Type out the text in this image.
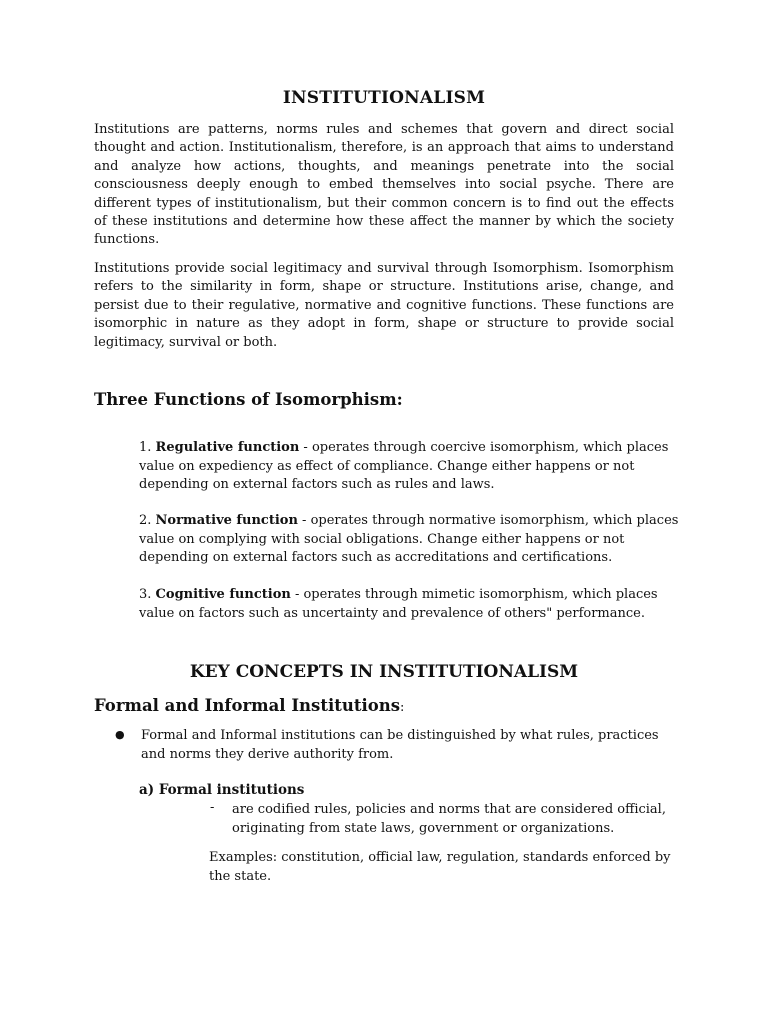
INSTITUTIONALISM

Institutions are patterns, norms rules and schemes that govern and direct social thought and action. Institutionalism, therefore, is an approach that aims to understand and analyze how actions, thoughts, and meanings penetrate into the social consciousness deeply enough to embed themselves into social psyche. There are different types of institutionalism, but their common concern is to find out the effects of these institutions and determine how these affect the manner by which the society functions.

Institutions provide social legitimacy and survival through Isomorphism. Isomorphism refers to the similarity in form, shape or structure. Institutions arise, change, and persist due to their regulative, normative and cognitive functions. These functions are isomorphic in nature as they adopt in form, shape or structure to provide social legitimacy, survival or both.

Three Functions of Isomorphism:

1. Regulative function - operates through coercive isomorphism, which places value on expediency as effect of compliance. Change either happens or not depending on external factors such as rules and laws.

2. Normative function - operates through normative isomorphism, which places value on complying with social obligations. Change either happens or not depending on external factors such as accreditations and certifications.

3. Cognitive function - operates through mimetic isomorphism, which places value on factors such as uncertainty and prevalence of others" performance.

KEY CONCEPTS IN INSTITUTIONALISM
Formal and Informal Institutions:
● Formal and Informal institutions can be distinguished by what rules, practices and norms they derive authority from.

a) Formal institutions

- are codified rules, policies and norms that are considered official, originating from state laws, government or organizations.

Examples: constitution, official law, regulation, standards enforced by the state.
